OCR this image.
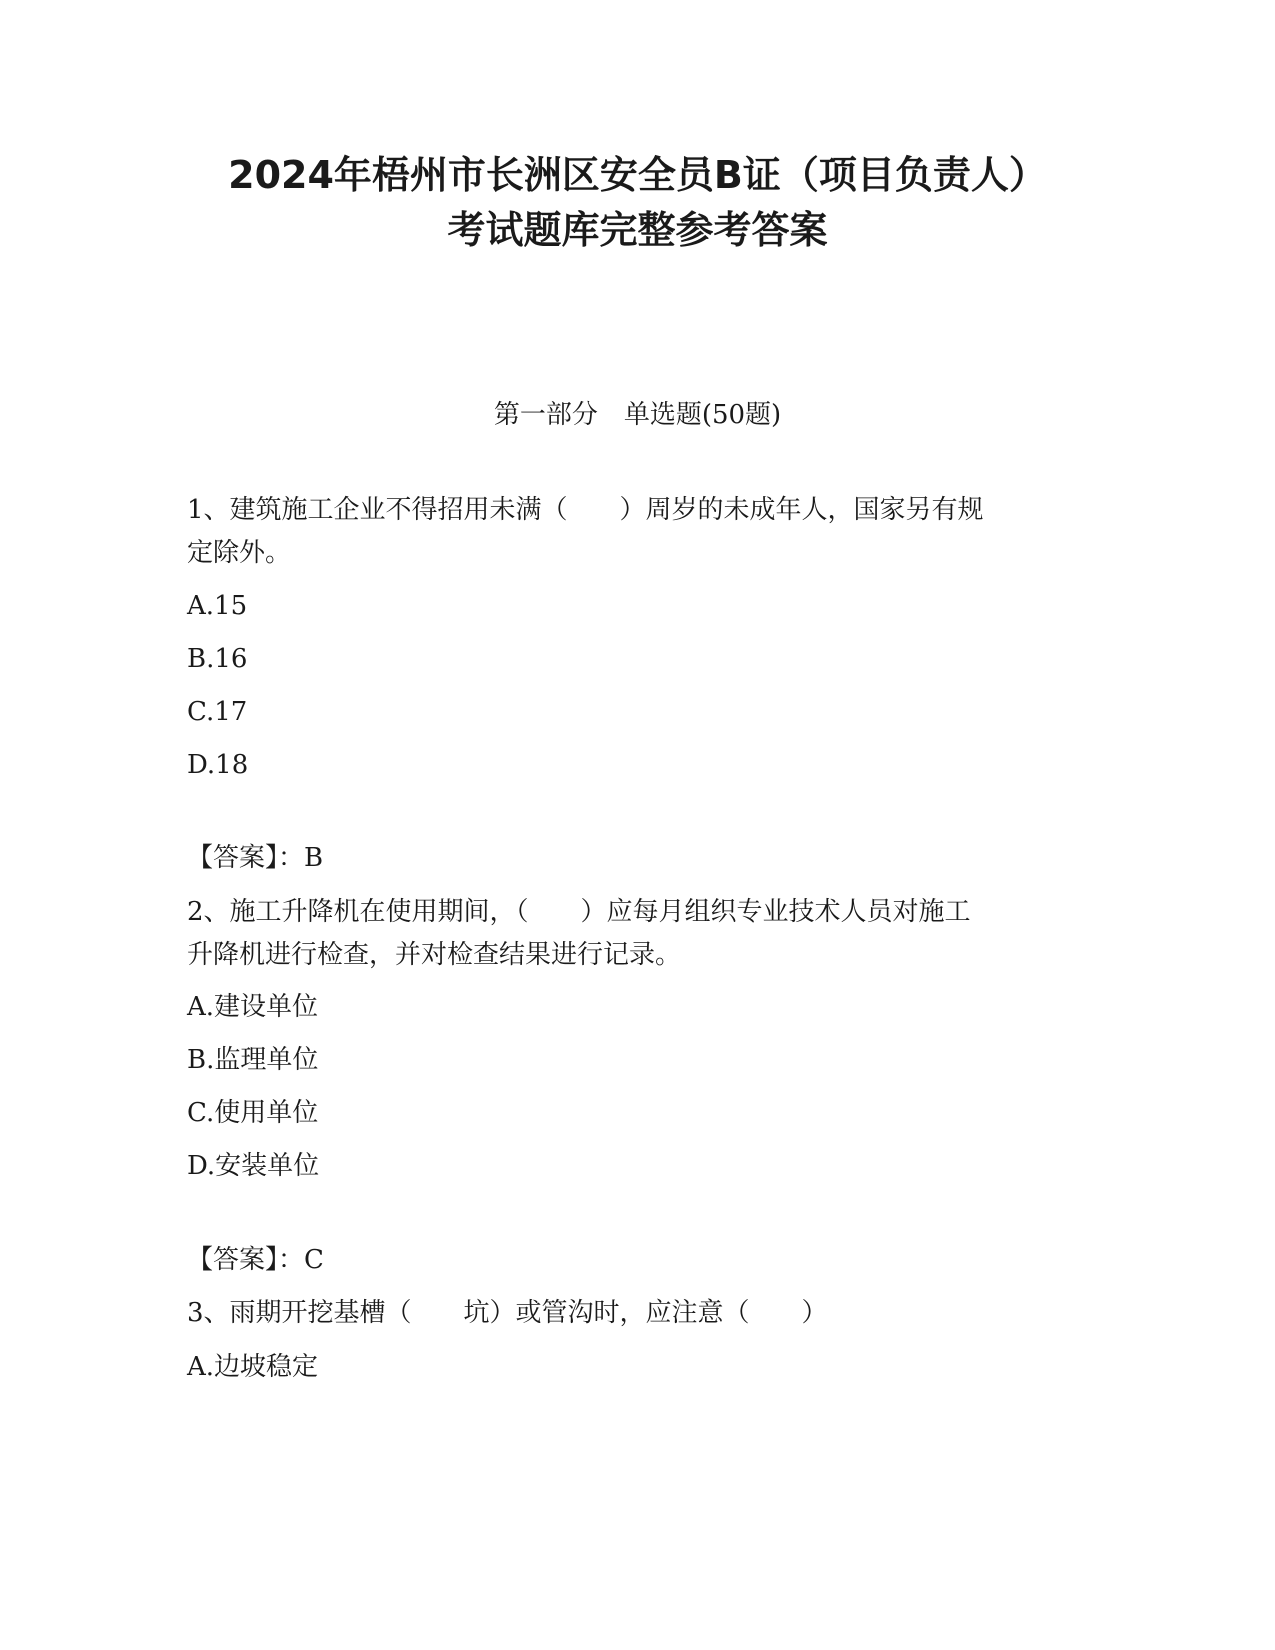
2024年梧州市长洲区安全员B证（项目负责人）
考试题库完整参考答案
第一部分　单选题(50题)
1、建筑施工企业不得招用未满（　　）周岁的未成年人，国家另有规
定除外。
A.15
B.16
C.17
D.18
【答案】：B
2、施工升降机在使用期间，（　　）应每月组织专业技术人员对施工
升降机进行检查，并对检查结果进行记录。
A.建设单位
B.监理单位
C.使用单位
D.安装单位
【答案】：C
3、雨期开挖基槽（　　坑）或管沟时，应注意（　　）
A.边坡稳定
